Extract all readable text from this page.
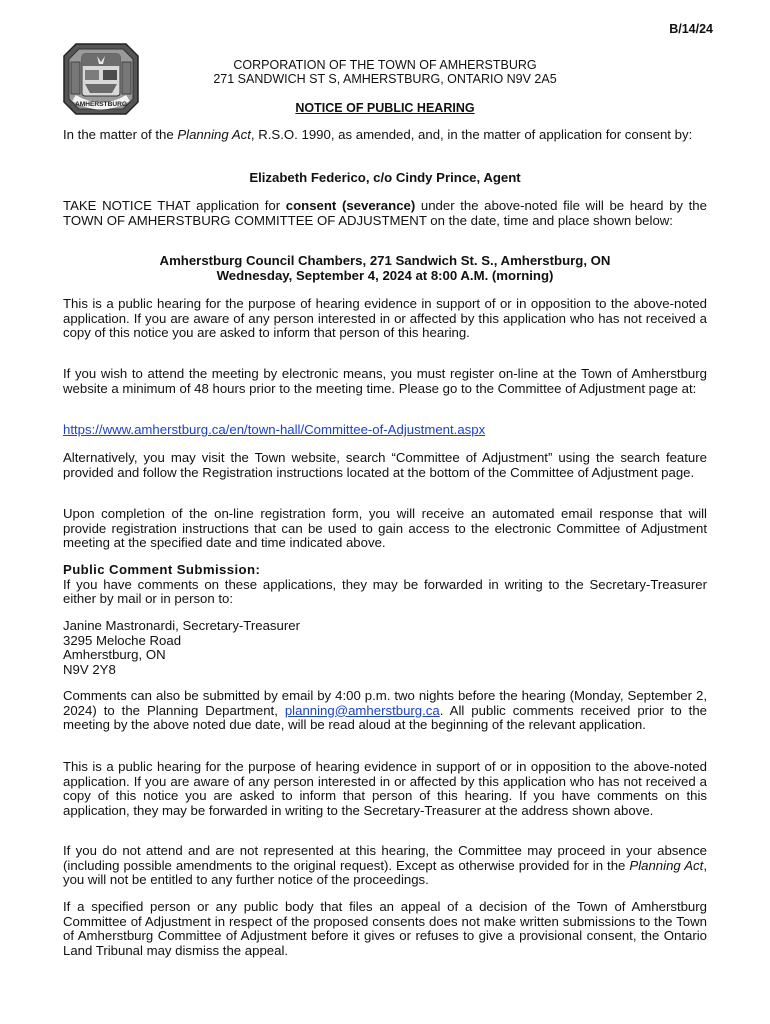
B/14/24
AMHERSTBURG
CORPORATION OF THE TOWN OF AMHERSTBURG
271 SANDWICH ST S, AMHERSTBURG, ONTARIO N9V 2A5
NOTICE OF PUBLIC HEARING
In the matter of the Planning Act, R.S.O. 1990, as amended, and, in the matter of application for consent by:
Elizabeth Federico, c/o Cindy Prince, Agent
TAKE NOTICE THAT application for consent (severance) under the above-noted file will be heard by the TOWN OF AMHERSTBURG COMMITTEE OF ADJUSTMENT on the date, time and place shown below:
Amherstburg Council Chambers, 271 Sandwich St. S., Amherstburg, ON
Wednesday, September 4, 2024 at 8:00 A.M. (morning)
This is a public hearing for the purpose of hearing evidence in support of or in opposition to the above-noted application. If you are aware of any person interested in or affected by this application who has not received a copy of this notice you are asked to inform that person of this hearing.
If you wish to attend the meeting by electronic means, you must register on-line at the Town of Amherstburg website a minimum of 48 hours prior to the meeting time. Please go to the Committee of Adjustment page at:
https://www.amherstburg.ca/en/town-hall/Committee-of-Adjustment.aspx
Alternatively, you may visit the Town website, search “Committee of Adjustment” using the search feature provided and follow the Registration instructions located at the bottom of the Committee of Adjustment page.
Upon completion of the on-line registration form, you will receive an automated email response that will provide registration instructions that can be used to gain access to the electronic Committee of Adjustment meeting at the specified date and time indicated above.
Public Comment Submission:
If you have comments on these applications, they may be forwarded in writing to the Secretary-Treasurer either by mail or in person to:
Janine Mastronardi, Secretary-Treasurer
3295 Meloche Road
Amherstburg, ON
N9V 2Y8
Comments can also be submitted by email by 4:00 p.m. two nights before the hearing (Monday, September 2, 2024) to the Planning Department, planning@amherstburg.ca. All public comments received prior to the meeting by the above noted due date, will be read aloud at the beginning of the relevant application.
This is a public hearing for the purpose of hearing evidence in support of or in opposition to the above-noted application. If you are aware of any person interested in or affected by this application who has not received a copy of this notice you are asked to inform that person of this hearing. If you have comments on this application, they may be forwarded in writing to the Secretary-Treasurer at the address shown above.
If you do not attend and are not represented at this hearing, the Committee may proceed in your absence (including possible amendments to the original request). Except as otherwise provided for in the Planning Act, you will not be entitled to any further notice of the proceedings.
If a specified person or any public body that files an appeal of a decision of the Town of Amherstburg Committee of Adjustment in respect of the proposed consents does not make written submissions to the Town of Amherstburg Committee of Adjustment before it gives or refuses to give a provisional consent, the Ontario Land Tribunal may dismiss the appeal.
